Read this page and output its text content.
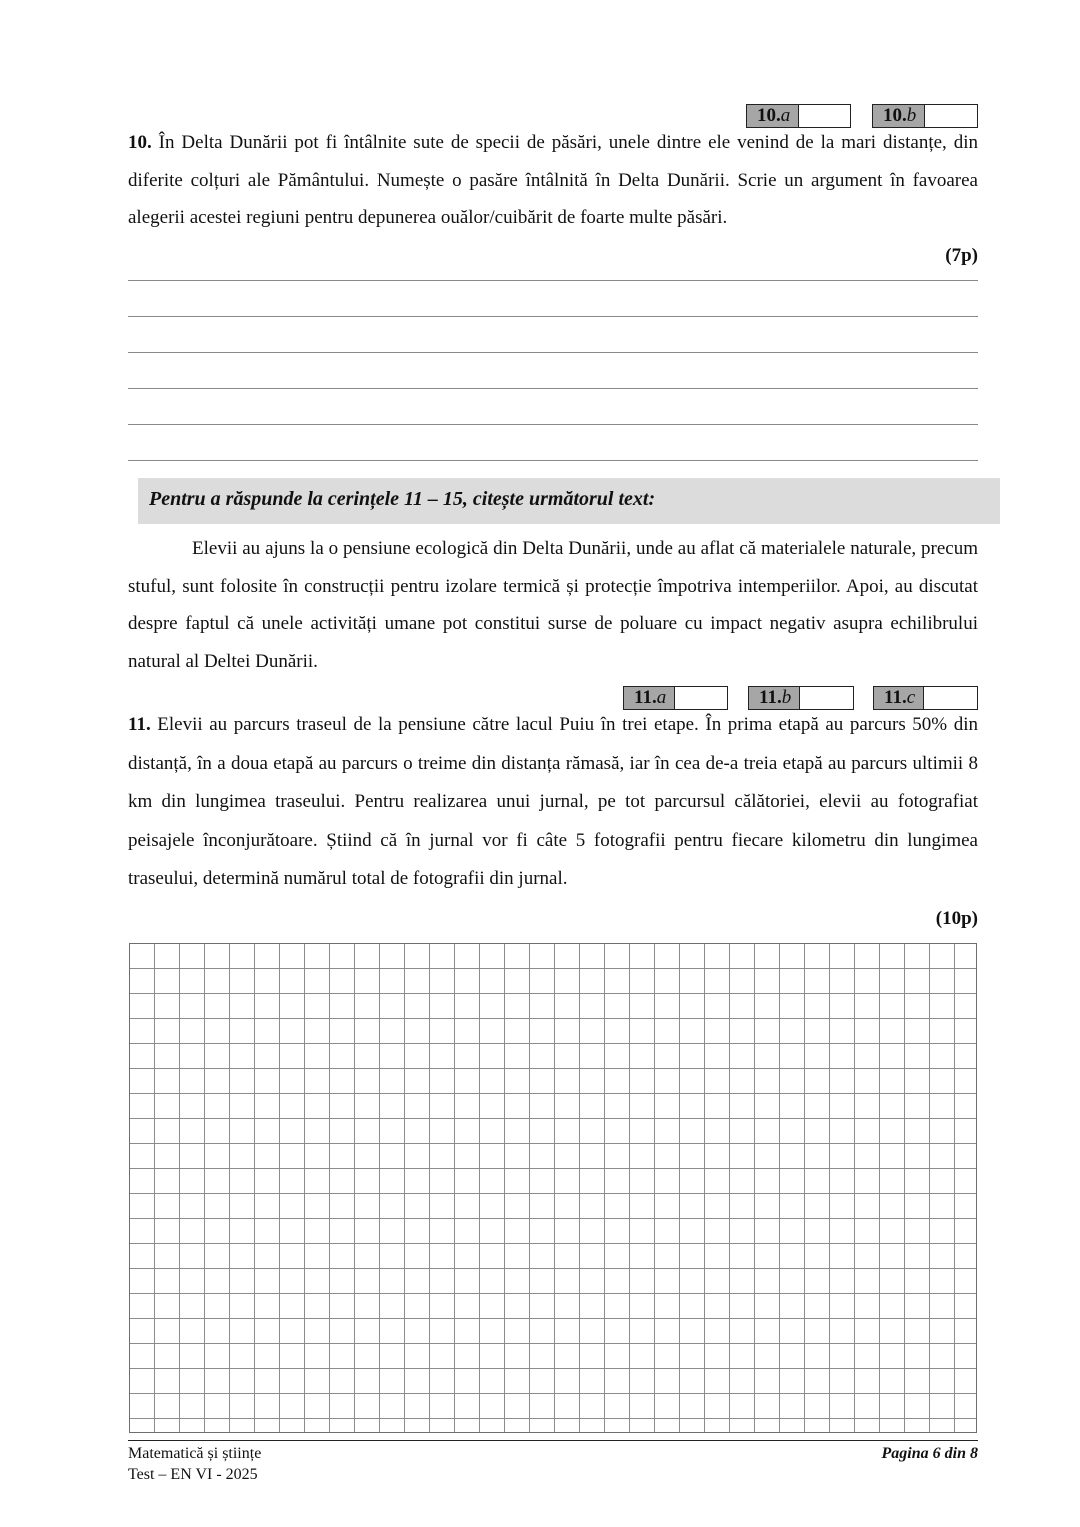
10.a	10.b
10. În Delta Dunării pot fi întâlnite sute de specii de păsări, unele dintre ele venind de la mari distanțe, din diferite colțuri ale Pământului. Numește o pasăre întâlnită în Delta Dunării. Scrie un argument în favoarea alegerii acestei regiuni pentru depunerea ouălor/cuibărit de foarte multe păsări.
(7p)
Pentru a răspunde la cerințele 11 – 15, citește următorul text:
Elevii au ajuns la o pensiune ecologică din Delta Dunării, unde au aflat că materialele naturale, precum stuful, sunt folosite în construcții pentru izolare termică și protecție împotriva intemperiilor. Apoi, au discutat despre faptul că unele activități umane pot constitui surse de poluare cu impact negativ asupra echilibrului natural al Deltei Dunării.
11.a	11.b	11.c
11. Elevii au parcurs traseul de la pensiune către lacul Puiu în trei etape. În prima etapă au parcurs 50% din distanță, în a doua etapă au parcurs o treime din distanța rămasă, iar în cea de-a treia etapă au parcurs ultimii 8 km din lungimea traseului. Pentru realizarea unui jurnal, pe tot parcursul călătoriei, elevii au fotografiat peisajele înconjurătoare. Știind că în jurnal vor fi câte 5 fotografii pentru fiecare kilometru din lungimea traseului, determină numărul total de fotografii din jurnal.
(10p)
Matematică și științe
Test – EN VI - 2025
Pagina 6 din 8
